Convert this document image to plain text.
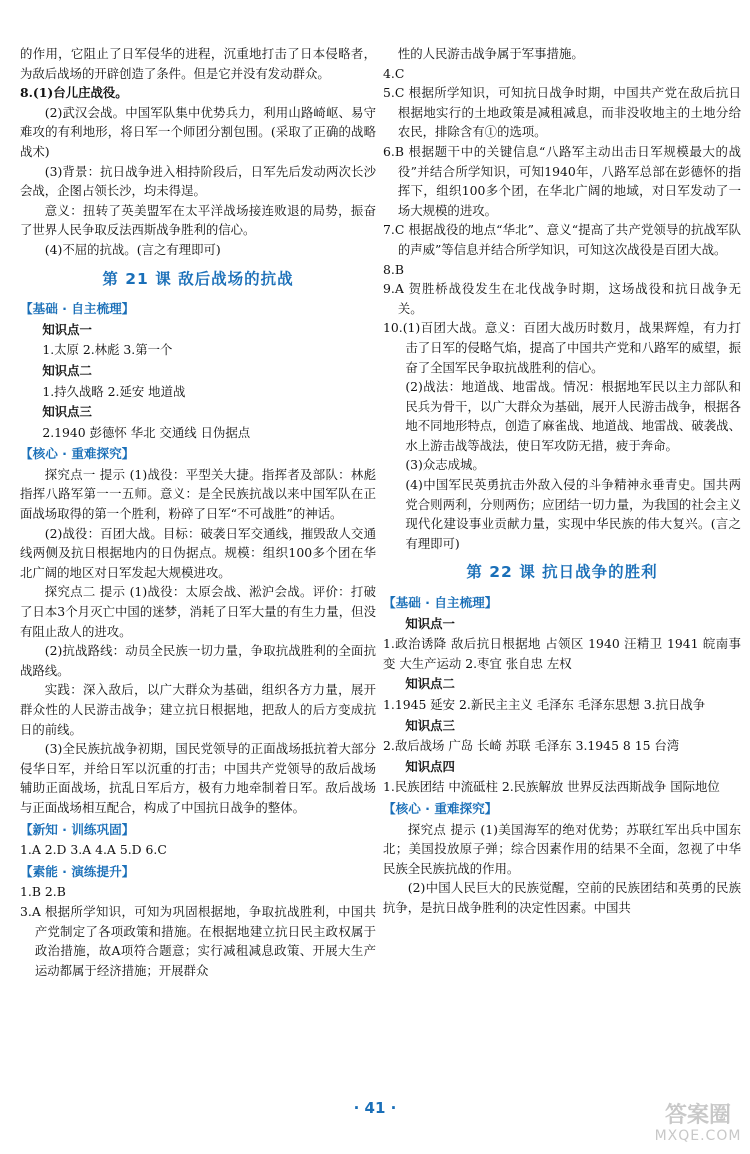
的作用，它阻止了日军侵华的进程，沉重地打击了日本侵略者，为敌后战场的开辟创造了条件。但是它并没有发动群众。

8.(1)台儿庄战役。

(2)武汉会战。中国军队集中优势兵力，利用山路崎岖、易守难攻的有利地形，将日军一个师团分割包围。(采取了正确的战略战术)

(3)背景：抗日战争进入相持阶段后，日军先后发动两次长沙会战，企图占领长沙，均未得逞。

意义：扭转了英美盟军在太平洋战场接连败退的局势，振奋了世界人民争取反法西斯战争胜利的信心。

(4)不屈的抗战。(言之有理即可)

第 21 课 敌后战场的抗战
【基础 · 自主梳理】
知识点一
1.太原 2.林彪 3.第一个
知识点二
1.持久战略 2.延安 地道战
知识点三
2.1940 彭德怀 华北 交通线 日伪据点
【核心 · 重难探究】

探究点一 提示 (1)战役：平型关大捷。指挥者及部队：林彪指挥八路军第一一五师。意义：是全民族抗战以来中国军队在正面战场取得的第一个胜利，粉碎了日军“不可战胜”的神话。

(2)战役：百团大战。目标：破袭日军交通线，摧毁敌人交通线两侧及抗日根据地内的日伪据点。规模：组织100多个团在华北广阔的地区对日军发起大规模进攻。

探究点二 提示 (1)战役：太原会战、淞沪会战。评价：打破了日本3个月灭亡中国的迷梦，消耗了日军大量的有生力量，但没有阻止敌人的进攻。

(2)抗战路线：动员全民族一切力量，争取抗战胜利的全面抗战路线。

实践：深入敌后，以广大群众为基础，组织各方力量，展开群众性的人民游击战争；建立抗日根据地，把敌人的后方变成抗日的前线。

(3)全民族抗战争初期，国民党领导的正面战场抵抗着大部分侵华日军，并给日军以沉重的打击；中国共产党领导的敌后战场辅助正面战场，抗乱日军后方，极有力地牵制着日军。敌后战场与正面战场相互配合，构成了中国抗日战争的整体。

【新知 · 训练巩固】
1.A 2.D 3.A 4.A 5.D 6.C
【素能 · 演练提升】
1.B 2.B

3.A 根据所学知识，可知为巩固根据地，争取抗战胜利，中国共产党制定了各项政策和措施。在根据地建立抗日民主政权属于政治措施，故A项符合题意；实行减租减息政策、开展大生产运动都属于经济措施；开展群众

性的人民游击战争属于军事措施。

4.C

5.C 根据所学知识，可知抗日战争时期，中国共产党在敌后抗日根据地实行的土地政策是减租减息，而非没收地主的土地分给农民，排除含有①的选项。

6.B 根据题干中的关键信息“八路军主动出击日军规模最大的战役”并结合所学知识，可知1940年，八路军总部在彭德怀的指挥下，组织100多个团，在华北广阔的地域，对日军发动了一场大规模的进攻。

7.C 根据战役的地点“华北”、意义“提高了共产党领导的抗战军队的声威”等信息并结合所学知识，可知这次战役是百团大战。

8.B

9.A 贺胜桥战役发生在北伐战争时期，这场战役和抗日战争无关。

10.(1)百团大战。意义：百团大战历时数月，战果辉煌，有力打击了日军的侵略气焰，提高了中国共产党和八路军的威望，振奋了全国军民争取抗战胜利的信心。

(2)战法：地道战、地雷战。情况：根据地军民以主力部队和民兵为骨干，以广大群众为基础，展开人民游击战争，根据各地不同地形特点，创造了麻雀战、地道战、地雷战、破袭战、水上游击战等战法，使日军攻防无措，疲于奔命。

(3)众志成城。

(4)中国军民英勇抗击外敌入侵的斗争精神永垂青史。国共两党合则两利，分则两伤；应团结一切力量，为我国的社会主义现代化建设事业贡献力量，实现中华民族的伟大复兴。(言之有理即可)

第 22 课 抗日战争的胜利
【基础 · 自主梳理】
知识点一
1.政治诱降 敌后抗日根据地 占领区 1940 汪精卫 1941 皖南事变 大生产运动 2.枣宜 张自忠 左权
知识点二
1.1945 延安 2.新民主主义 毛泽东 毛泽东思想 3.抗日战争
知识点三
2.敌后战场 广岛 长崎 苏联 毛泽东 3.1945 8 15 台湾
知识点四
1.民族团结 中流砥柱 2.民族解放 世界反法西斯战争 国际地位
【核心 · 重难探究】

探究点 提示 (1)美国海军的绝对优势；苏联红军出兵中国东北；美国投放原子弹；综合因素作用的结果不全面，忽视了中华民族全民族抗战的作用。

(2)中国人民巨大的民族觉醒，空前的民族团结和英勇的民族抗争，是抗日战争胜利的决定性因素。中国共

· 41 ·	答案圈
MXQE.COM
